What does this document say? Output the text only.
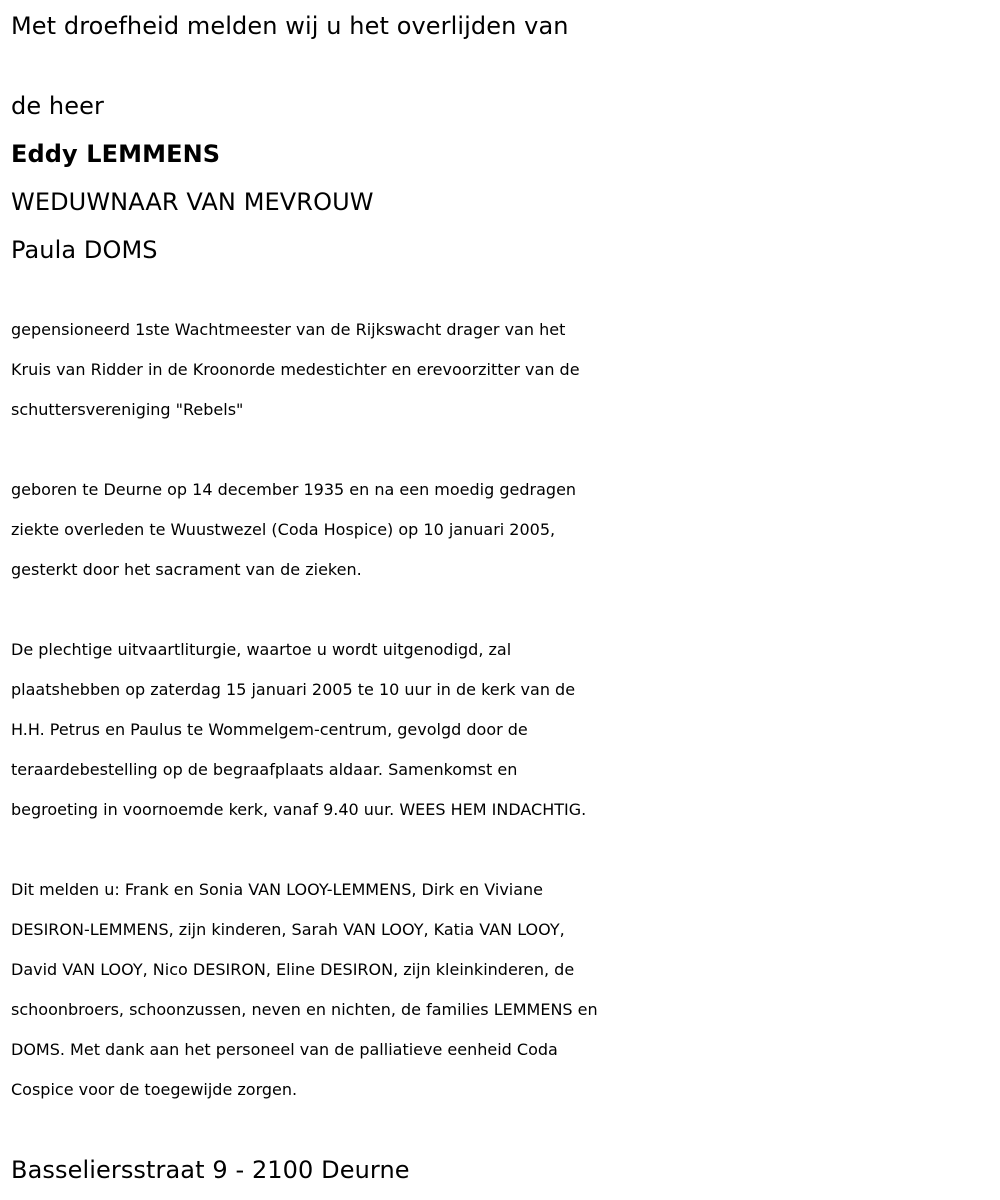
Met droefheid melden wij u het overlijden van
de heer
Eddy LEMMENS
WEDUWNAAR VAN MEVROUW
Paula DOMS
gepensioneerd 1ste Wachtmeester van de Rijkswacht drager van het
Kruis van Ridder in de Kroonorde medestichter en erevoorzitter van de
schuttersvereniging "Rebels"
geboren te Deurne op 14 december 1935 en na een moedig gedragen
ziekte overleden te Wuustwezel (Coda Hospice) op 10 januari 2005,
gesterkt door het sacrament van de zieken.
De plechtige uitvaartliturgie, waartoe u wordt uitgenodigd, zal
plaatshebben op zaterdag 15 januari 2005 te 10 uur in de kerk van de
H.H. Petrus en Paulus te Wommelgem-centrum, gevolgd door de
teraardebestelling op de begraafplaats aldaar. Samenkomst en
begroeting in voornoemde kerk, vanaf 9.40 uur. WEES HEM INDACHTIG.
Dit melden u: Frank en Sonia VAN LOOY-LEMMENS, Dirk en Viviane
DESIRON-LEMMENS, zijn kinderen, Sarah VAN LOOY, Katia VAN LOOY,
David VAN LOOY, Nico DESIRON, Eline DESIRON, zijn kleinkinderen, de
schoonbroers, schoonzussen, neven en nichten, de families LEMMENS en
DOMS. Met dank aan het personeel van de palliatieve eenheid Coda
Cospice voor de toegewijde zorgen.
Basseliersstraat 9 - 2100 Deurne
